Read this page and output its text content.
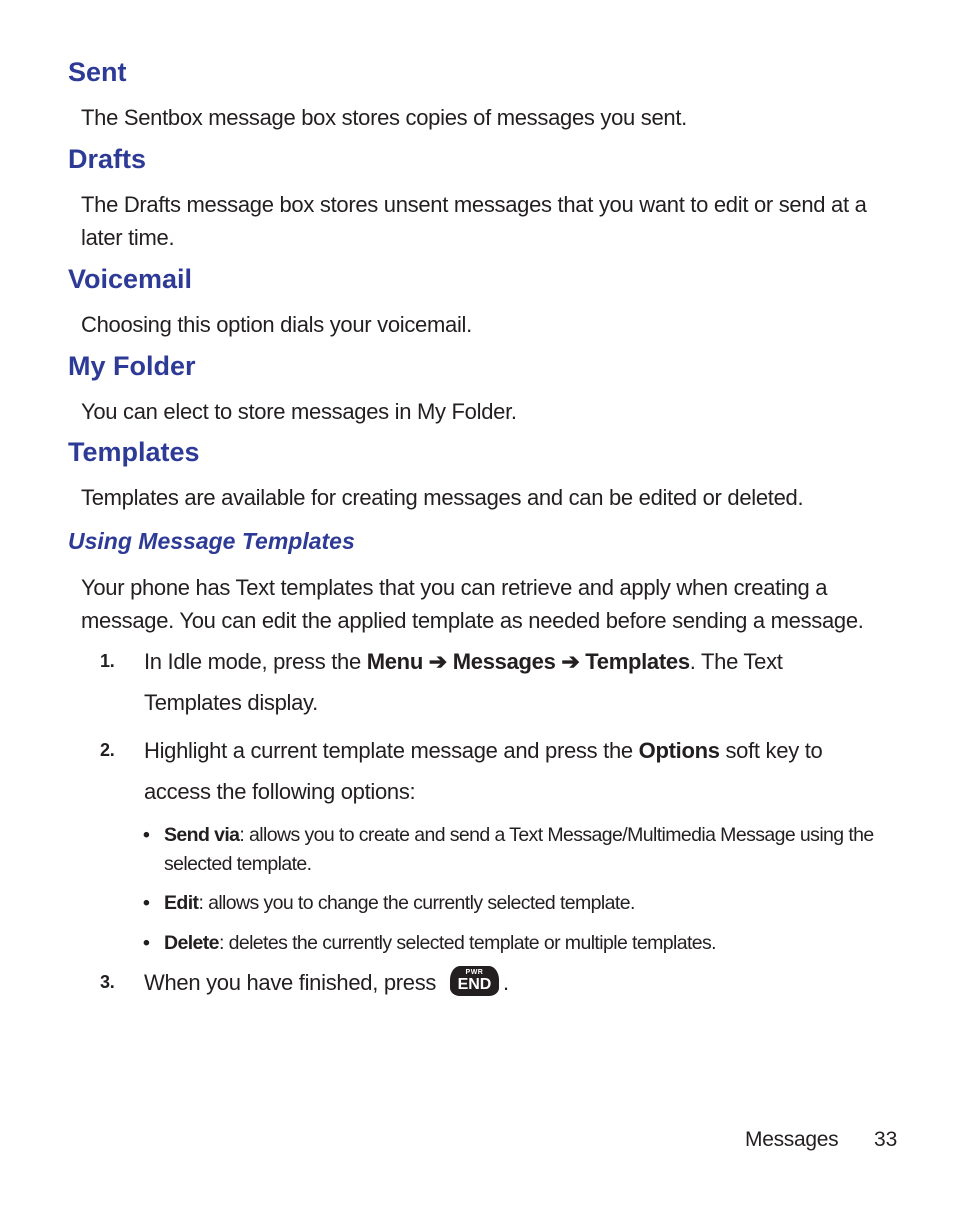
Sent

The Sentbox message box stores copies of messages you sent.

Drafts

The Drafts message box stores unsent messages that you want to edit or send at a later time.

Voicemail

Choosing this option dials your voicemail.

My Folder

You can elect to store messages in My Folder.

Templates

Templates are available for creating messages and can be edited or deleted.

Using Message Templates

Your phone has Text templates that you can retrieve and apply when creating a message. You can edit the applied template as needed before sending a message.

1. In Idle mode, press the Menu ➔ Messages ➔ Templates. The Text Templates display.
2. Highlight a current template message and press the Options soft key to access the following options:
• Send via: allows you to create and send a Text Message/Multimedia Message using the selected template.
• Edit: allows you to change the currently selected template.
• Delete: deletes the currently selected template or multiple templates.
3. When you have finished, press	PWR
END .
Messages 33
